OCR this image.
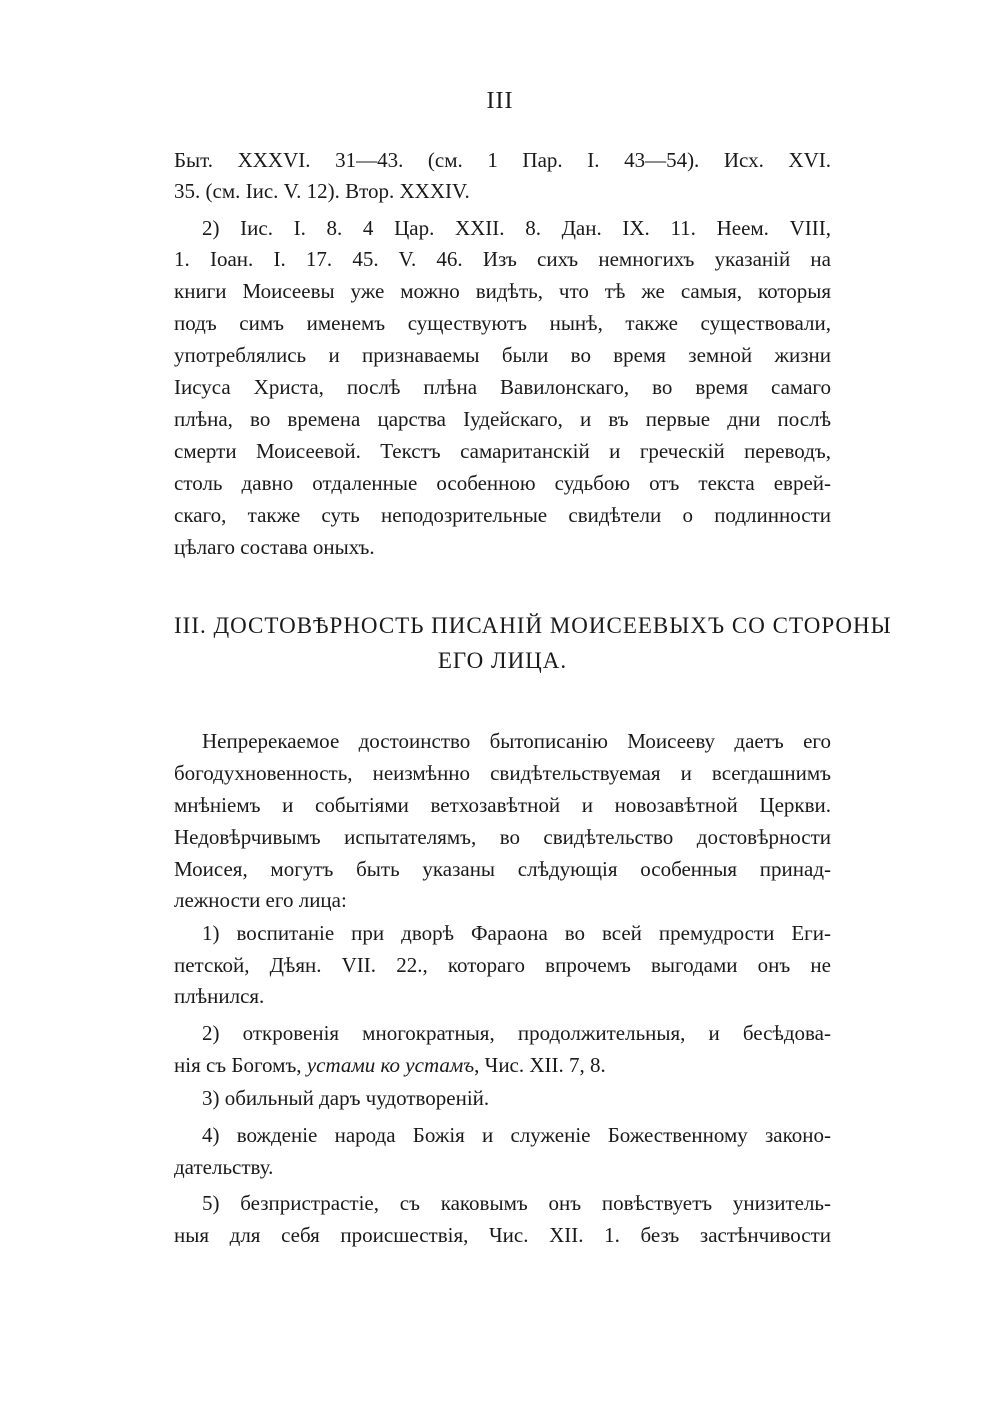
III
Быт. XXXVI. 31—43. (см. 1 Пар. I. 43—54). Исх. XVI.
35. (см. Iис. V. 12). Втор. XXXIV.
2) Iис. I. 8. 4 Цар. XXII. 8. Дан. IX. 11. Неем. VIII,
1. Iоан. I. 17. 45. V. 46. Изъ сихъ немногихъ указаній на
книги Моисеевы уже можно видѣть, что тѣ же самыя, которыя
подъ симъ именемъ существуютъ нынѣ, также существовали,
употреблялись и признаваемы были во время земной жизни
Iисуса Христа, послѣ плѣна Вавилонскаго, во время самаго
плѣна, во времена царства Iудейскаго, и въ первые дни послѣ
смерти Моисеевой. Текстъ самаританскій и греческій переводъ,
столь давно отдаленные особенною судьбою отъ текста еврей-
скаго, также суть неподозрительные свидѣтели о подлинности
цѣлаго состава оныхъ.
III. ДОСТОВѢРНОСТЬ ПИСАНІЙ МОИСЕЕВЫХЪ СО СТОРОНЫ
ЕГО ЛИЦА.
Непререкаемое достоинство бытописанію Моисееву даетъ его
богодухновенность, неизмѣнно свидѣтельствуемая и всегдашнимъ
мнѣніемъ и событіями ветхозавѣтной и новозавѣтной Церкви.
Недовѣрчивымъ испытателямъ, во свидѣтельство достовѣрности
Моисея, могутъ быть указаны слѣдующія особенныя принад-
лежности его лица:
1) воспитаніе при дворѣ Фараона во всей премудрости Еги-
петской, Дѣян. VII. 22., котораго впрочемъ выгодами онъ не
плѣнился.
2) откровенія многократныя, продолжительныя, и бесѣдова-
нія съ Богомъ, устами ко устамъ, Чис. XII. 7, 8.
3) обильный даръ чудотвореній.
4) вожденіе народа Божія и служеніе Божественному законо-
дательству.
5) безпристрастіе, съ каковымъ онъ повѣствуетъ унизитель-
ныя для себя происшествія, Чис. XII. 1. безъ застѣнчивости
